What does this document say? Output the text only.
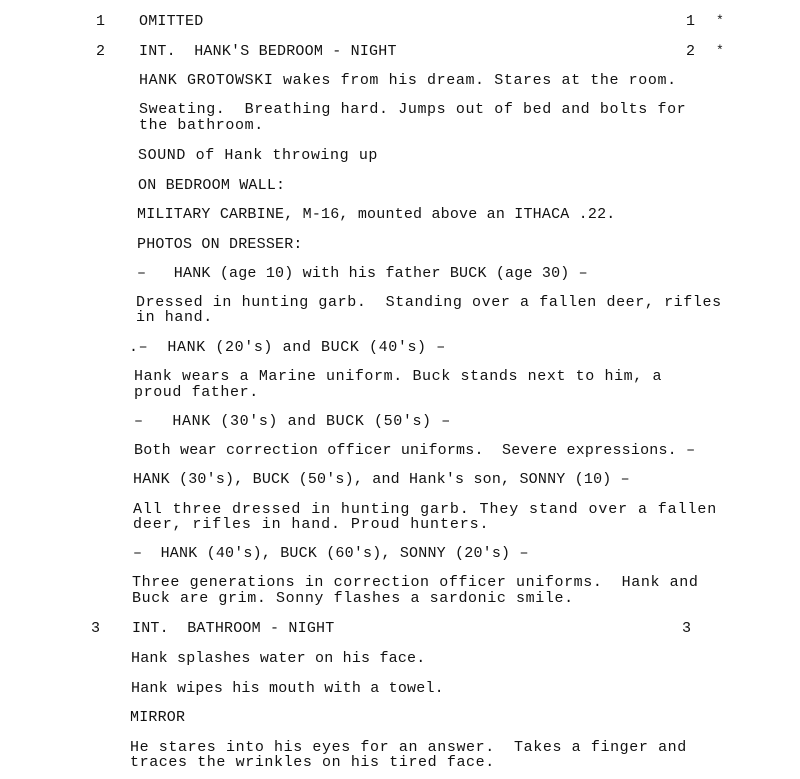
1 OMITTED	1 *
2 INT.  HANK'S BEDROOM - NIGHT	2 *
HANK GROTOWSKI wakes from his dream. Stares at the room.
Sweating.  Breathing hard. Jumps out of bed and bolts for
the bathroom.
SOUND of Hank throwing up
ON BEDROOM WALL:
MILITARY CARBINE, M-16, mounted above an ITHACA .22.
PHOTOS ON DRESSER:
–   HANK (age 10) with his father BUCK (age 30) –
Dressed in hunting garb.  Standing over a fallen deer, rifles
in hand.
.–  HANK (20's) and BUCK (40's) –
Hank wears a Marine uniform. Buck stands next to him, a
proud father.
–   HANK (30's) and BUCK (50's) –
Both wear correction officer uniforms.  Severe expressions. –
HANK (30's), BUCK (50's), and Hank's son, SONNY (10) –
All three dressed in hunting garb. They stand over a fallen
deer, rifles in hand. Proud hunters.
–  HANK (40's), BUCK (60's), SONNY (20's) –
Three generations in correction officer uniforms.  Hank and
Buck are grim. Sonny flashes a sardonic smile.
3 INT.  BATHROOM - NIGHT	3
Hank splashes water on his face.
Hank wipes his mouth with a towel.
MIRROR
He stares into his eyes for an answer.  Takes a finger and
traces the wrinkles on his tired face.
